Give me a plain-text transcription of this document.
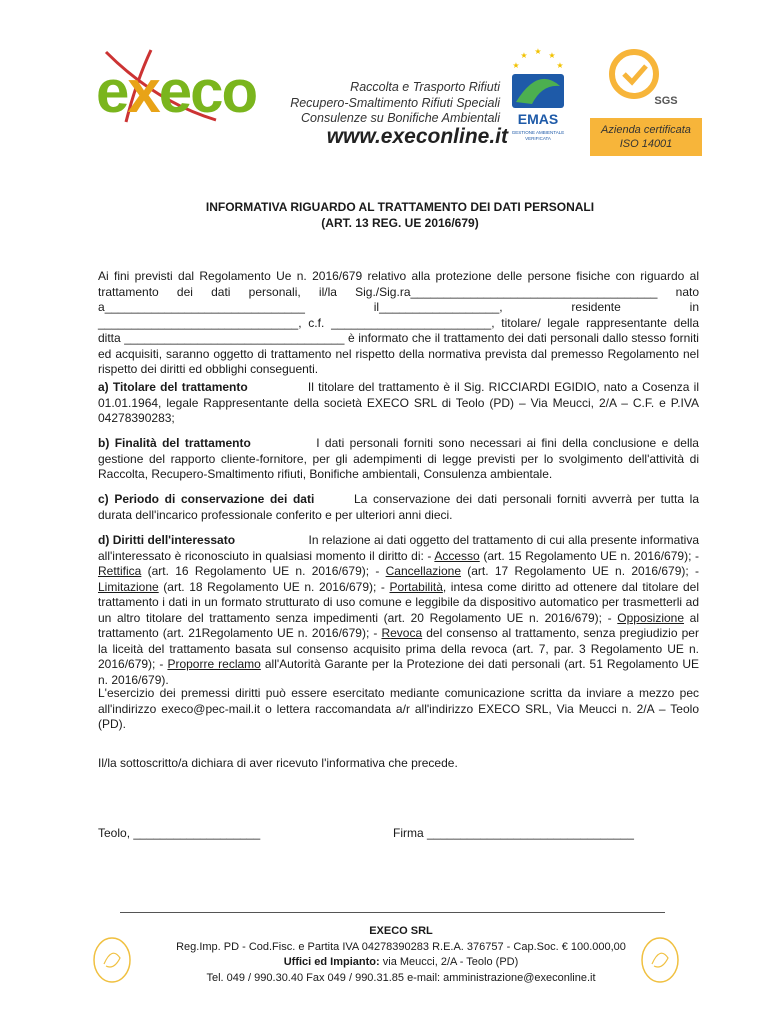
execo	Raccolta e Trasporto Rifiuti
Recupero-Smaltimento Rifiuti Speciali
Consulenze su Bonifiche Ambientali
www.execonline.it
★
★	★
★	★
EMAS
GESTIONE AMBIENTALE
VERIFICATA
SGS
Azienda certificata
ISO 14001
INFORMATIVA RIGUARDO AL TRATTAMENTO DEI DATI PERSONALI
(ART. 13 REG. UE 2016/679)
Ai fini previsti dal Regolamento Ue n. 2016/679 relativo alla protezione delle persone fisiche con riguardo al trattamento dei dati personali, il/la Sig./Sig.ra_____________________________________ nato a______________________________	il__________________, residente in ______________________________, c.f. ________________________, titolare/ legale rappresentante della ditta _________________________________ è informato che il trattamento dei dati personali dallo stesso forniti ed acquisiti, saranno oggetto di trattamento nel rispetto della normativa prevista dal premesso Regolamento nel rispetto dei diritti ed obblighi conseguenti.
a) Titolare del trattamento	Il titolare del trattamento è il Sig. RICCIARDI EGIDIO, nato a Cosenza il 01.01.1964, legale Rappresentante della società EXECO SRL di Teolo (PD) – Via Meucci, 2/A – C.F. e P.IVA 04278390283;
b) Finalità del trattamento	I dati personali forniti sono necessari ai fini della conclusione e della gestione del rapporto cliente-fornitore, per gli adempimenti di legge previsti per lo svolgimento dell'attività di Raccolta, Recupero-Smaltimento rifiuti, Bonifiche ambientali, Consulenza ambientale.
c) Periodo di conservazione dei dati	La conservazione dei dati personali forniti avverrà per tutta la durata dell'incarico professionale conferito e per ulteriori anni dieci.
d) Diritti dell'interessato	In relazione ai dati oggetto del trattamento di cui alla presente informativa all'interessato è riconosciuto in qualsiasi momento il diritto di: - Accesso (art. 15 Regolamento UE n. 2016/679); - Rettifica (art. 16 Regolamento UE n. 2016/679); - Cancellazione (art. 17 Regolamento UE n. 2016/679); - Limitazione (art. 18 Regolamento UE n. 2016/679); - Portabilità, intesa come diritto ad ottenere dal titolare del trattamento i dati in un formato strutturato di uso comune e leggibile da dispositivo automatico per trasmetterli ad un altro titolare del trattamento senza impedimenti (art. 20 Regolamento UE n. 2016/679); - Opposizione al trattamento (art. 21Regolamento UE n. 2016/679); - Revoca del consenso al trattamento, senza pregiudizio per la liceità del trattamento basata sul consenso acquisito prima della revoca (art. 7, par. 3 Regolamento UE n. 2016/679); - Proporre reclamo all'Autorità Garante per la Protezione dei dati personali (art. 51 Regolamento UE n. 2016/679).
L'esercizio dei premessi diritti può essere esercitato mediante comunicazione scritta da inviare a mezzo pec all'indirizzo execo@pec-mail.it o lettera raccomandata a/r all'indirizzo EXECO SRL, Via Meucci n. 2/A – Teolo (PD).
Il/la sottoscritto/a dichiara di aver ricevuto l'informativa che precede.
Teolo, ___________________	Firma _______________________________
EXECO SRL
Reg.Imp. PD - Cod.Fisc. e Partita IVA 04278390283 R.E.A. 376757 - Cap.Soc. € 100.000,00
Uffici ed Impianto: via Meucci, 2/A - Teolo (PD)
Tel. 049 / 990.30.40 Fax 049 / 990.31.85 e-mail: amministrazione@execonline.it
